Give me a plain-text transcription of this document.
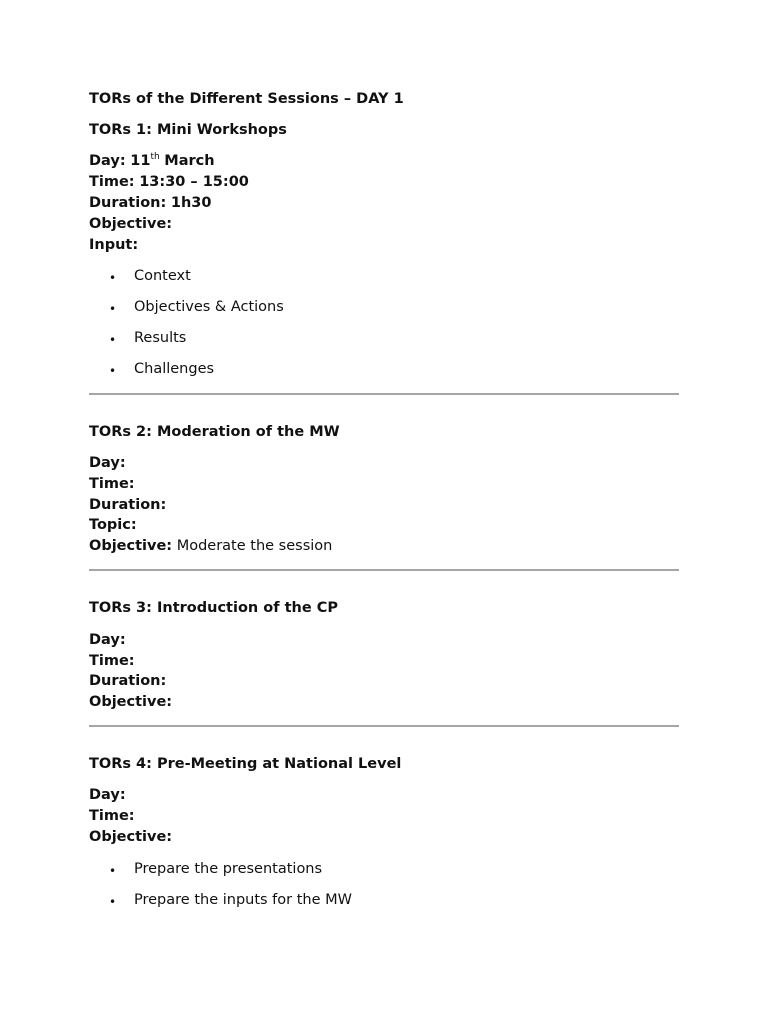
TORs of the Different Sessions – DAY 1
TORs 1: Mini Workshops
Day: 11th March
Time: 13:30 – 15:00
Duration: 1h30
Objective:
Input:
• Context
• Objectives & Actions
• Results
• Challenges
TORs 2: Moderation of the MW
Day:
Time:
Duration:
Topic:
Objective: Moderate the session
TORs 3: Introduction of the CP
Day:
Time:
Duration:
Objective:
TORs 4: Pre-Meeting at National Level
Day:
Time:
Objective:
• Prepare the presentations
• Prepare the inputs for the MW
